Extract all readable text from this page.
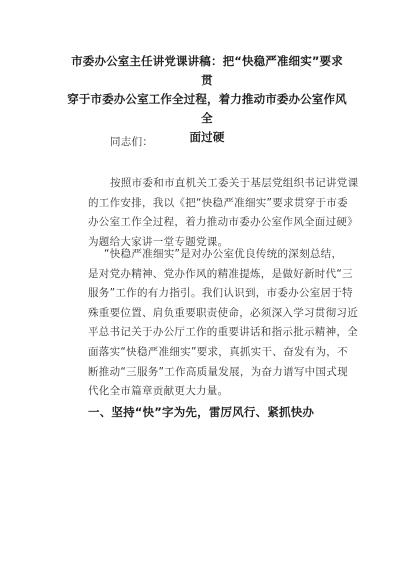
市委办公室主任讲党课讲稿：把“快稳严准细实”要求贯
穿于市委办公室工作全过程，着力推动市委办公室作风全
面过硬
同志们：
按照市委和市直机关工委关于基层党组织书记讲党课
的工作安排，我以《把“快稳严准细实”要求贯穿于市委
办公室工作全过程，着力推动市委办公室作风全面过硬》
为题给大家讲一堂专题党课。
“快稳严准细实”是对办公室优良传统的深刻总结，
是对党办精神、党办作风的精准提炼，是做好新时代“三
服务”工作的有力指引。我们认识到，市委办公室居于特
殊重要位置、肩负重要职责使命，必须深入学习贯彻习近
平总书记关于办公厅工作的重要讲话和指示批示精神，全
面落实“快稳严准细实”要求，真抓实干、奋发有为，不
断推动“三服务”工作高质量发展，为奋力谱写中国式现
代化全市篇章贡献更大力量。
一、坚持“快”字为先，雷厉风行、紧抓快办
